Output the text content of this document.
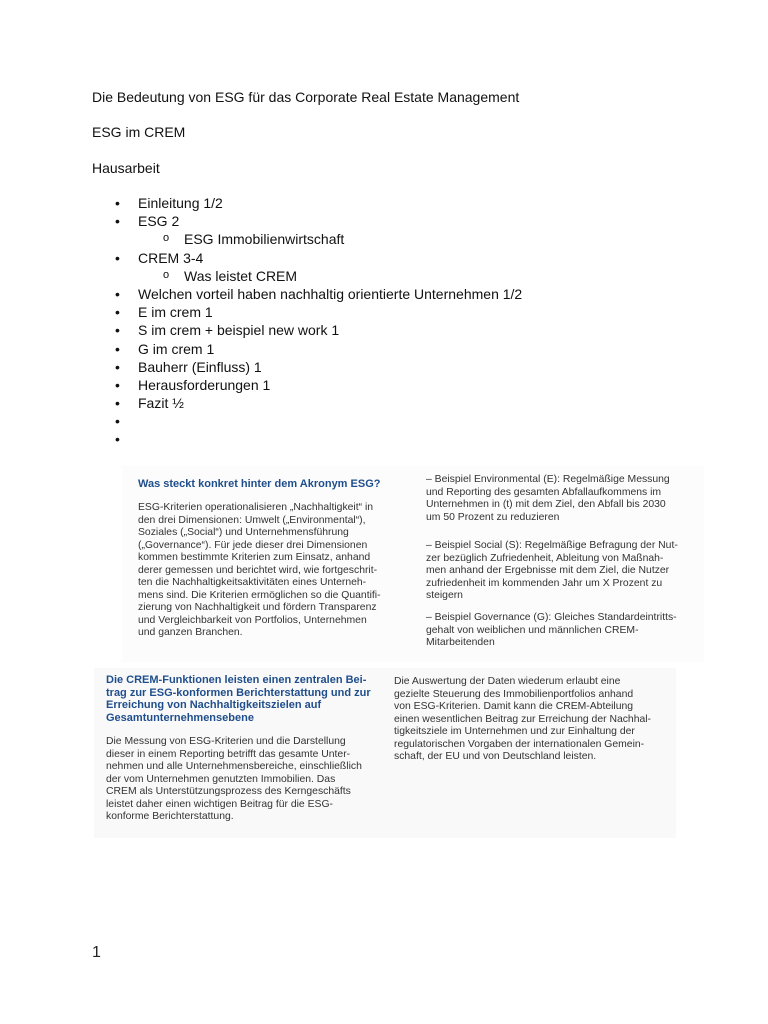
Die Bedeutung von ESG für das Corporate Real Estate Management
ESG im CREM
Hausarbeit
• Einleitung 1/2
• ESG 2
o ESG Immobilienwirtschaft
• CREM 3-4
o Was leistet CREM
• Welchen vorteil haben nachhaltig orientierte Unternehmen 1/2
• E im crem 1
• S im crem + beispiel new work 1
• G im crem 1
• Bauherr (Einfluss) 1
• Herausforderungen 1
• Fazit ½
•
•
Was steckt konkret hinter dem Akronym ESG?
ESG-Kriterien operationalisieren „Nachhaltigkeit“ in
den drei Dimensionen: Umwelt („Environmental“),
Soziales („Social“) und Unternehmensführung
(„Governance“). Für jede dieser drei Dimensionen
kommen bestimmte Kriterien zum Einsatz, anhand
derer gemessen und berichtet wird, wie fortgeschrit-
ten die Nachhaltigkeitsaktivitäten eines Unterneh-
mens sind. Die Kriterien ermöglichen so die Quantifi-
zierung von Nachhaltigkeit und fördern Transparenz
und Vergleichbarkeit von Portfolios, Unternehmen
und ganzen Branchen.
– Beispiel Environmental (E): Regelmäßige Messung
und Reporting des gesamten Abfallaufkommens im
Unternehmen in (t) mit dem Ziel, den Abfall bis 2030
um 50 Prozent zu reduzieren
– Beispiel Social (S): Regelmäßige Befragung der Nut-
zer bezüglich Zufriedenheit, Ableitung von Maßnah-
men anhand der Ergebnisse mit dem Ziel, die Nutzer
zufriedenheit im kommenden Jahr um X Prozent zu
steigern
– Beispiel Governance (G): Gleiches Standardeintritts-
gehalt von weiblichen und männlichen CREM-
Mitarbeitenden
Die CREM-Funktionen leisten einen zentralen Bei-
trag zur ESG-konformen Berichterstattung und zur
Erreichung von Nachhaltigkeitszielen auf
Gesamtunternehmensebene
Die Messung von ESG-Kriterien und die Darstellung
dieser in einem Reporting betrifft das gesamte Unter-
nehmen und alle Unternehmensbereiche, einschließlich
der vom Unternehmen genutzten Immobilien. Das
CREM als Unterstützungsprozess des Kerngeschäfts
leistet daher einen wichtigen Beitrag für die ESG-
konforme Berichterstattung.
Die Auswertung der Daten wiederum erlaubt eine
gezielte Steuerung des Immobilienportfolios anhand
von ESG-Kriterien. Damit kann die CREM-Abteilung
einen wesentlichen Beitrag zur Erreichung der Nachhal-
tigkeitsziele im Unternehmen und zur Einhaltung der
regulatorischen Vorgaben der internationalen Gemein-
schaft, der EU und von Deutschland leisten.
1
